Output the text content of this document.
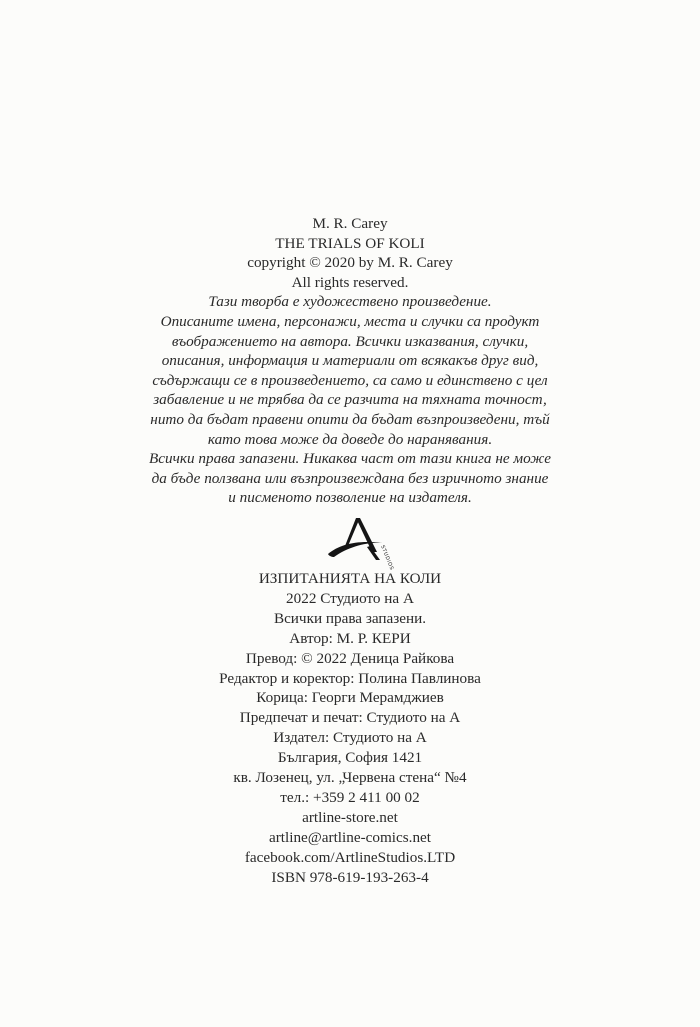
M. R. Carey
THE TRIALS OF KOLI
copyright © 2020 by M. R. Carey
All rights reserved.
Тази творба е художествено произведение.
Описаните имена, персонажи, места и случки са продукт
въображението на автора. Всички изказвания, случки,
описания, информация и материали от всякакъв друг вид,
съдържащи се в произведението, са само и единствено с цел
забавление и не трябва да се разчита на тяхната точност,
нито да бъдат правени опити да бъдат възпроизведени, тъй
като това може да доведе до наранявания.
Всички права запазени. Никаква част от тази книга не може
да бъде ползвана или възпроизвеждана без изричното знание
и писменото позволение на издателя.
STUDIOS
ИЗПИТАНИЯТА НА КОЛИ
2022 Студиото на А
Всички права запазени.
Автор: М. Р. КЕРИ
Превод: © 2022 Деница Райкова
Редактор и коректор: Полина Павлинова
Корица: Георги Мерамджиев
Предпечат и печат: Студиото на А
Издател: Студиото на А
България, София 1421
кв. Лозенец, ул. „Червена стена“ №4
тел.: +359 2 411 00 02
artline-store.net
artline@artline-comics.net
facebook.com/ArtlineStudios.LTD
ISBN 978-619-193-263-4
